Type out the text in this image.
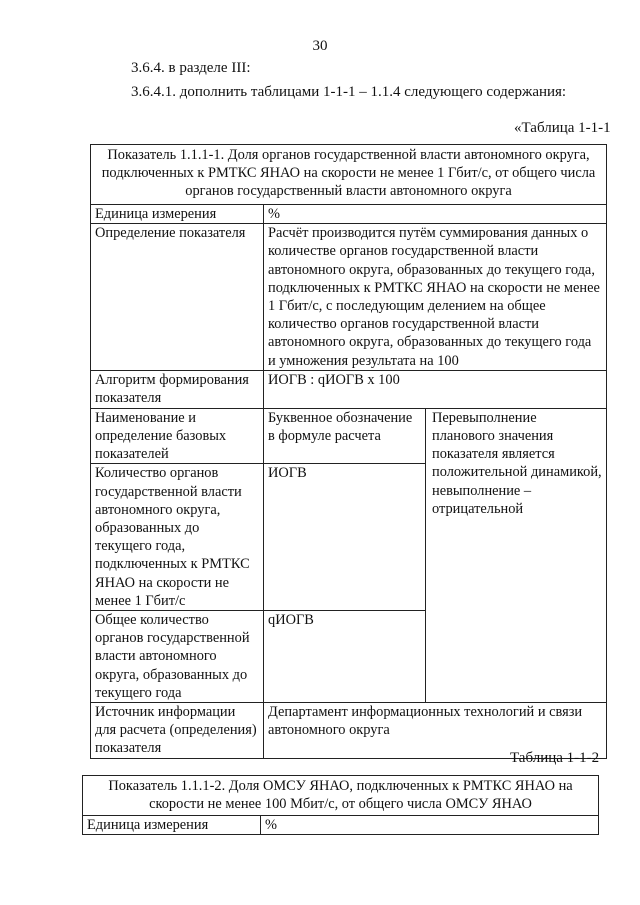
30
3.6.4. в разделе III:
3.6.4.1. дополнить таблицами 1-1-1 – 1.1.4 следующего содержания:
«Таблица 1-1-1
Показатель 1.1.1-1. Доля органов государственной власти автономного округа, подключенных к РМТКС ЯНАО на скорости не менее 1 Гбит/с, от общего числа органов государственный власти автономного округа		
Единица измерения	%	
Определение показателя	Расчёт производится путём суммирования данных о количестве органов государственной власти автономного округа, образованных до текущего года, подключенных к РМТКС ЯНАО на скорости не менее 1 Гбит/с, с последующим делением на общее количество органов государственной власти автономного округа, образованных до текущего года и умножения результата на 100	
Алгоритм формирования показателя	ИОГВ : qИОГВ x 100	
Наименование и определение базовых показателей	Буквенное обозначение в формуле расчета	Перевыполнение планового значения показателя является положительной динамикой, невыполнение – отрицательной
Количество органов государственной власти автономного округа, образованных до текущего года, подключенных к РМТКС ЯНАО на скорости не менее 1 Гбит/с	ИОГВ	
Общее количество органов государственной власти автономного округа, образованных до текущего года	qИОГВ	
Источник информации для расчета (определения) показателя	Департамент информационных технологий и связи автономного округа	
Таблица 1-1-2
Показатель 1.1.1-2. Доля ОМСУ ЯНАО, подключенных к РМТКС ЯНАО на скорости не менее 100 Мбит/с, от общего числа ОМСУ ЯНАО
Единица измерения	%
